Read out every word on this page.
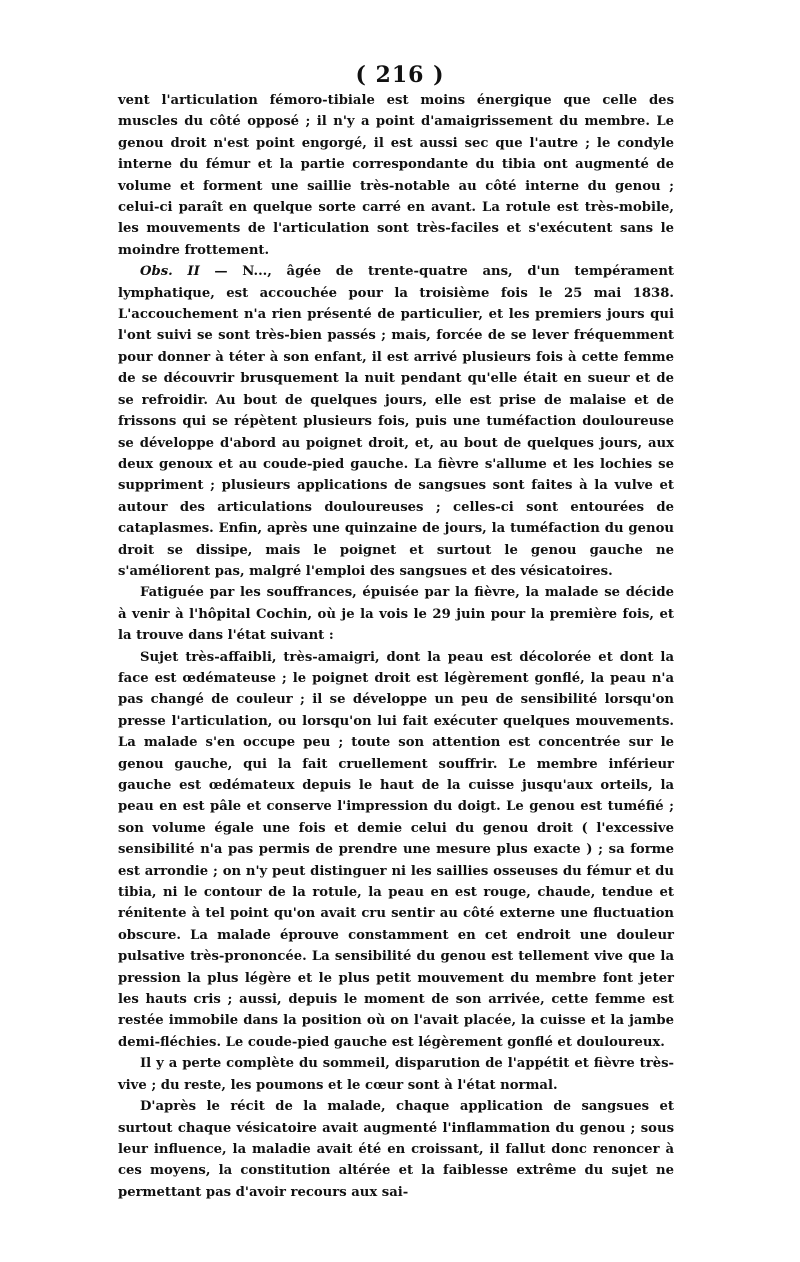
( 216 )

vent l'articulation fémoro-tibiale est moins énergique que celle des muscles du côté opposé ; il n'y a point d'amaigrissement du membre. Le genou droit n'est point engorgé, il est aussi sec que l'autre ; le condyle interne du fémur et la partie correspondante du tibia ont augmenté de volume et forment une saillie très-notable au côté interne du genou ; celui-ci paraît en quelque sorte carré en avant. La rotule est très-mobile, les mouvements de l'articulation sont très-faciles et s'exécutent sans le moindre frottement.

Obs. II — N..., âgée de trente-quatre ans, d'un tempérament lymphatique, est accouchée pour la troisième fois le 25 mai 1838. L'accouchement n'a rien présenté de particulier, et les premiers jours qui l'ont suivi se sont très-bien passés ; mais, forcée de se lever fréquemment pour donner à téter à son enfant, il est arrivé plusieurs fois à cette femme de se découvrir brusquement la nuit pendant qu'elle était en sueur et de se refroidir. Au bout de quelques jours, elle est prise de malaise et de frissons qui se répètent plusieurs fois, puis une tuméfaction douloureuse se développe d'abord au poignet droit, et, au bout de quelques jours, aux deux genoux et au coude-pied gauche. La fièvre s'allume et les lochies se suppriment ; plusieurs applications de sangsues sont faites à la vulve et autour des articulations douloureuses ; celles-ci sont entourées de cataplasmes. Enfin, après une quinzaine de jours, la tuméfaction du genou droit se dissipe, mais le poignet et surtout le genou gauche ne s'améliorent pas, malgré l'emploi des sangsues et des vésicatoires.

Fatiguée par les souffrances, épuisée par la fièvre, la malade se décide à venir à l'hôpital Cochin, où je la vois le 29 juin pour la première fois, et la trouve dans l'état suivant :

Sujet très-affaibli, très-amaigri, dont la peau est décolorée et dont la face est œdémateuse ; le poignet droit est légèrement gonflé, la peau n'a pas changé de couleur ; il se développe un peu de sensibilité lorsqu'on presse l'articulation, ou lorsqu'on lui fait exécuter quelques mouvements. La malade s'en occupe peu ; toute son attention est concentrée sur le genou gauche, qui la fait cruellement souffrir. Le membre inférieur gauche est œdémateux depuis le haut de la cuisse jusqu'aux orteils, la peau en est pâle et conserve l'impression du doigt. Le genou est tuméfié ; son volume égale une fois et demie celui du genou droit ( l'excessive sensibilité n'a pas permis de prendre une mesure plus exacte ) ; sa forme est arrondie ; on n'y peut distinguer ni les saillies osseuses du fémur et du tibia, ni le contour de la rotule, la peau en est rouge, chaude, tendue et rénitente à tel point qu'on avait cru sentir au côté externe une fluctuation obscure. La malade éprouve constamment en cet endroit une douleur pulsative très-prononcée. La sensibilité du genou est tellement vive que la pression la plus légère et le plus petit mouvement du membre font jeter les hauts cris ; aussi, depuis le moment de son arrivée, cette femme est restée immobile dans la position où on l'avait placée, la cuisse et la jambe demi-fléchies. Le coude-pied gauche est légèrement gonflé et douloureux.

Il y a perte complète du sommeil, disparution de l'appétit et fièvre très-vive ; du reste, les poumons et le cœur sont à l'état normal.

D'après le récit de la malade, chaque application de sangsues et surtout chaque vésicatoire avait augmenté l'inflammation du genou ; sous leur influence, la maladie avait été en croissant, il fallut donc renoncer à ces moyens, la constitution altérée et la faiblesse extrême du sujet ne permettant pas d'avoir recours aux sai-
